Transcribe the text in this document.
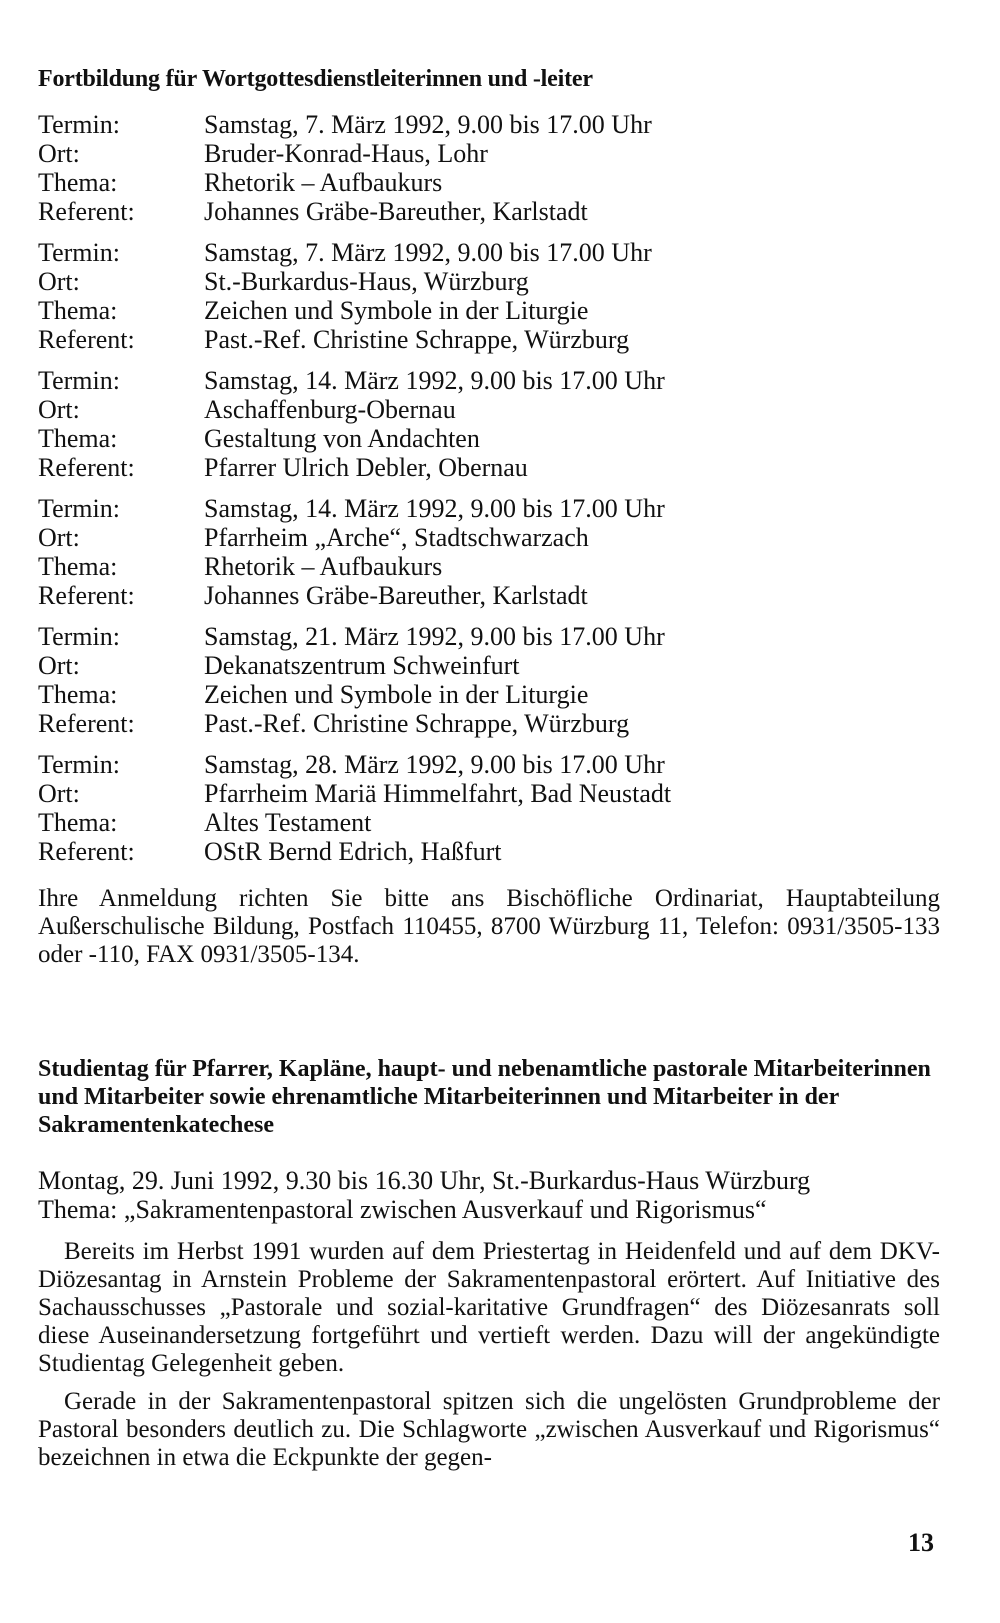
Fortbildung für Wortgottesdienstleiterinnen und -leiter
Termin:	Samstag, 7. März 1992, 9.00 bis 17.00 Uhr
Ort:	Bruder-Konrad-Haus, Lohr
Thema:	Rhetorik – Aufbaukurs
Referent:	Johannes Gräbe-Bareuther, Karlstadt
Termin:	Samstag, 7. März 1992, 9.00 bis 17.00 Uhr
Ort:	St.-Burkardus-Haus, Würzburg
Thema:	Zeichen und Symbole in der Liturgie
Referent:	Past.-Ref. Christine Schrappe, Würzburg
Termin:	Samstag, 14. März 1992, 9.00 bis 17.00 Uhr
Ort:	Aschaffenburg-Obernau
Thema:	Gestaltung von Andachten
Referent:	Pfarrer Ulrich Debler, Obernau
Termin:	Samstag, 14. März 1992, 9.00 bis 17.00 Uhr
Ort:	Pfarrheim „Arche“, Stadtschwarzach
Thema:	Rhetorik – Aufbaukurs
Referent:	Johannes Gräbe-Bareuther, Karlstadt
Termin:	Samstag, 21. März 1992, 9.00 bis 17.00 Uhr
Ort:	Dekanatszentrum Schweinfurt
Thema:	Zeichen und Symbole in der Liturgie
Referent:	Past.-Ref. Christine Schrappe, Würzburg
Termin:	Samstag, 28. März 1992, 9.00 bis 17.00 Uhr
Ort:	Pfarrheim Mariä Himmelfahrt, Bad Neustadt
Thema:	Altes Testament
Referent:	OStR Bernd Edrich, Haßfurt
Ihre Anmeldung richten Sie bitte ans Bischöfliche Ordinariat, Hauptabteilung Außerschulische Bildung, Postfach 110455, 8700 Würzburg 11, Telefon: 0931/3505-133 oder -110, FAX 0931/3505-134.
Studientag für Pfarrer, Kapläne, haupt- und nebenamtliche pastorale Mitarbeiterinnen und Mitarbeiter sowie ehrenamtliche Mitarbeiterinnen und Mitarbeiter in der Sakramentenkatechese
Montag, 29. Juni 1992, 9.30 bis 16.30 Uhr, St.-Burkardus-Haus Würzburg
Thema: „Sakramentenpastoral zwischen Ausverkauf und Rigorismus“
Bereits im Herbst 1991 wurden auf dem Priestertag in Heidenfeld und auf dem DKV-Diözesantag in Arnstein Probleme der Sakramentenpastoral erörtert. Auf Initiative des Sachausschusses „Pastorale und sozial-karitative Grundfragen“ des Diözesanrats soll diese Auseinandersetzung fortgeführt und vertieft werden. Dazu will der angekündigte Studientag Gelegenheit geben.
Gerade in der Sakramentenpastoral spitzen sich die ungelösten Grundprobleme der Pastoral besonders deutlich zu. Die Schlagworte „zwischen Ausverkauf und Rigorismus“ bezeichnen in etwa die Eckpunkte der gegen-
13
